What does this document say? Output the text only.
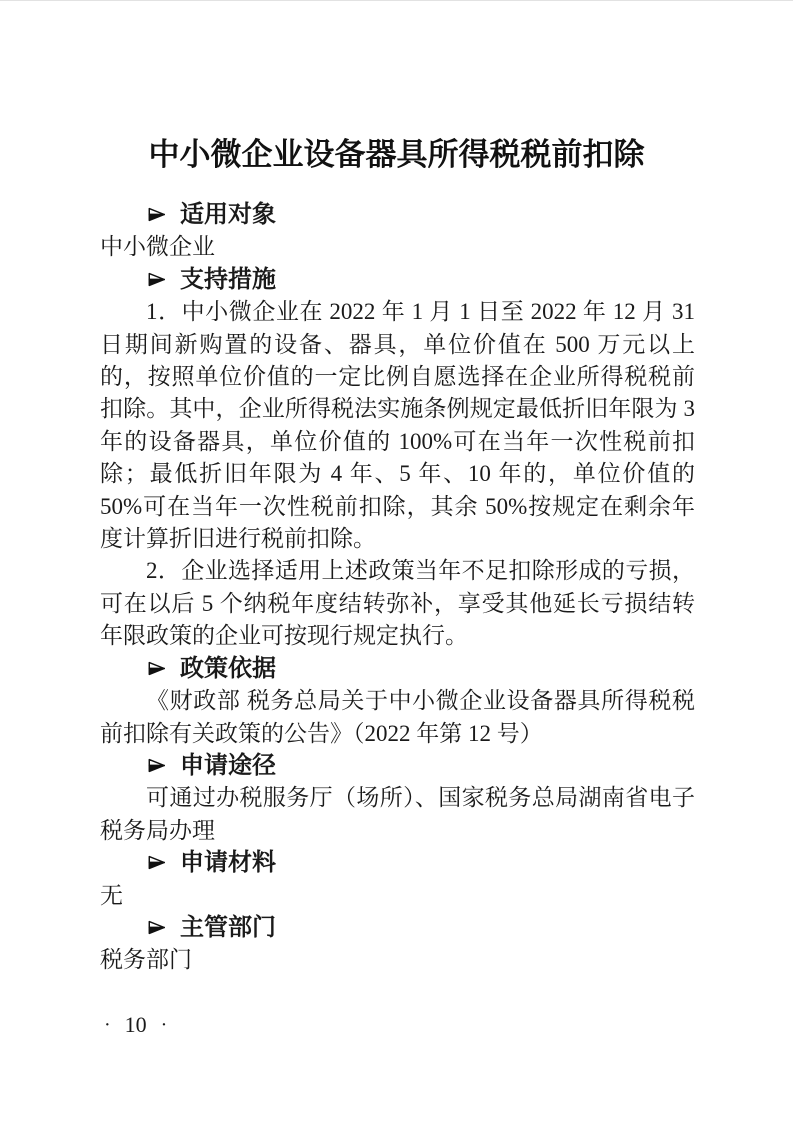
中小微企业设备器具所得税税前扣除
适用对象

中小微企业

支持措施

1．中小微企业在 2022 年 1 月 1 日至 2022 年 12 月 31 日期间新购置的设备、器具，单位价值在 500 万元以上的，按照单位价值的一定比例自愿选择在企业所得税税前扣除。其中，企业所得税法实施条例规定最低折旧年限为 3 年的设备器具，单位价值的 100%可在当年一次性税前扣除；最低折旧年限为 4 年、5 年、10 年的，单位价值的 50%可在当年一次性税前扣除，其余 50%按规定在剩余年度计算折旧进行税前扣除。

2．企业选择适用上述政策当年不足扣除形成的亏损，可在以后 5 个纳税年度结转弥补，享受其他延长亏损结转年限政策的企业可按现行规定执行。

政策依据

《财政部 税务总局关于中小微企业设备器具所得税税前扣除有关政策的公告》（2022 年第 12 号）

申请途径

可通过办税服务厅（场所）、国家税务总局湖南省电子税务局办理

申请材料

无

主管部门

税务部门

· 10 ·
